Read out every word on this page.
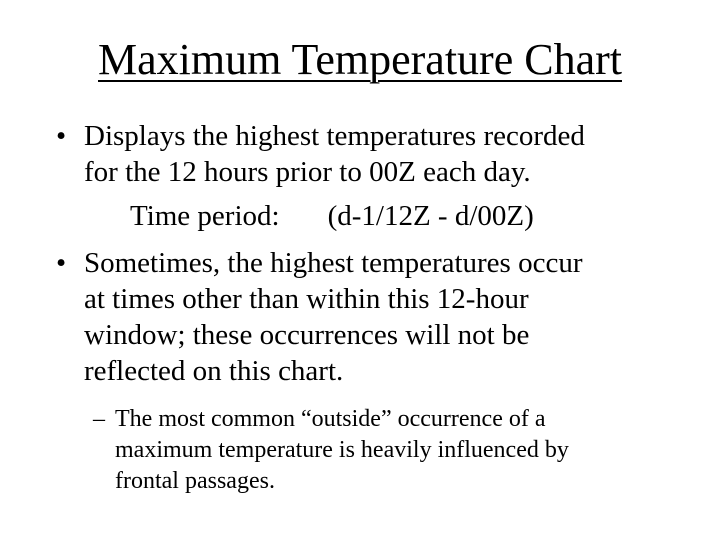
Maximum Temperature Chart
• Displays the highest temperatures recorded
for the 12 hours prior to 00Z each day.
Time period: (d-1/12Z - d/00Z)
• Sometimes, the highest temperatures occur
at times other than within this 12-hour
window; these occurrences will not be
reflected on this chart.
– The most common “outside” occurrence of a
maximum temperature is heavily influenced by
frontal passages.
